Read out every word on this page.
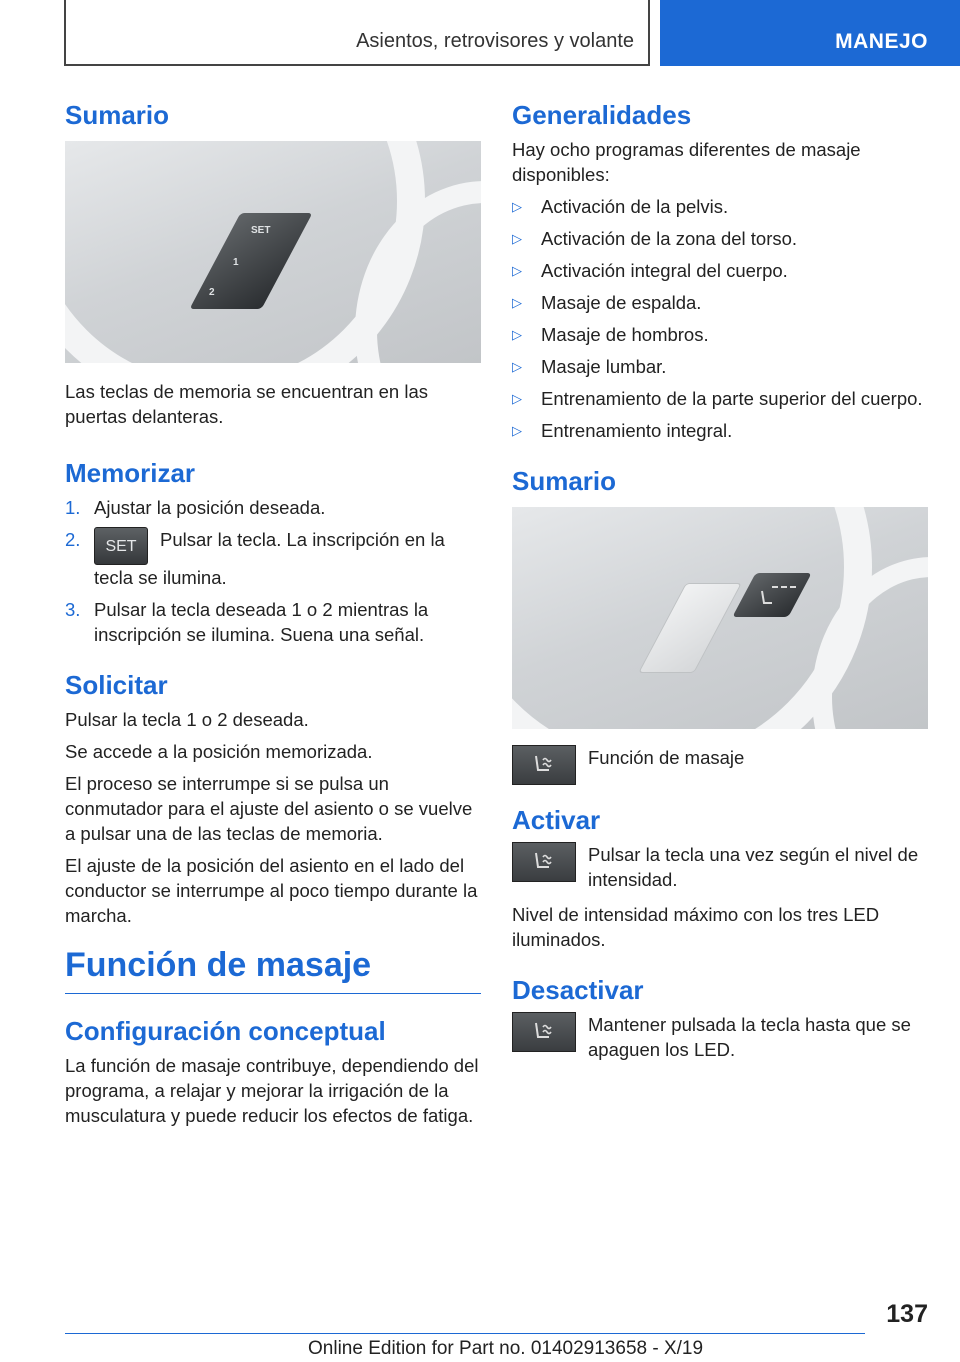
Asientos, retrovisores y volante	MANEJO
Sumario
SET
1
2

Las teclas de memoria se encuentran en las puertas delanteras.

Memorizar
1. Ajustar la posición deseada.
2.	SET Pulsar la tecla. La inscripción en la tecla se ilumina.
3. Pulsar la tecla deseada 1 o 2 mientras la inscripción se ilumina. Suena una señal.
Solicitar

Pulsar la tecla 1 o 2 deseada.

Se accede a la posición memorizada.

El proceso se interrumpe si se pulsa un conmutador para el ajuste del asiento o se vuelve a pulsar una de las teclas de memoria.

El ajuste de la posición del asiento en el lado del conductor se interrumpe al poco tiempo durante la marcha.

Función de masaje
Configuración conceptual

La función de masaje contribuye, dependiendo del programa, a relajar y mejorar la irrigación de la musculatura y puede reducir los efectos de fatiga.

Generalidades

Hay ocho programas diferentes de masaje disponibles:

▷	Activación de la pelvis.
▷	Activación de la zona del torso.
▷	Activación integral del cuerpo.
▷	Masaje de espalda.
▷	Masaje de hombros.
▷	Masaje lumbar.
▷	Entrenamiento de la parte superior del cuerpo.
▷	Entrenamiento integral.
Sumario

Función de masaje

Activar

Pulsar la tecla una vez según el nivel de intensidad.

Nivel de intensidad máximo con los tres LED iluminados.

Desactivar

Mantener pulsada la tecla hasta que se apaguen los LED.

137
Online Edition for Part no. 01402913658 - X/19
